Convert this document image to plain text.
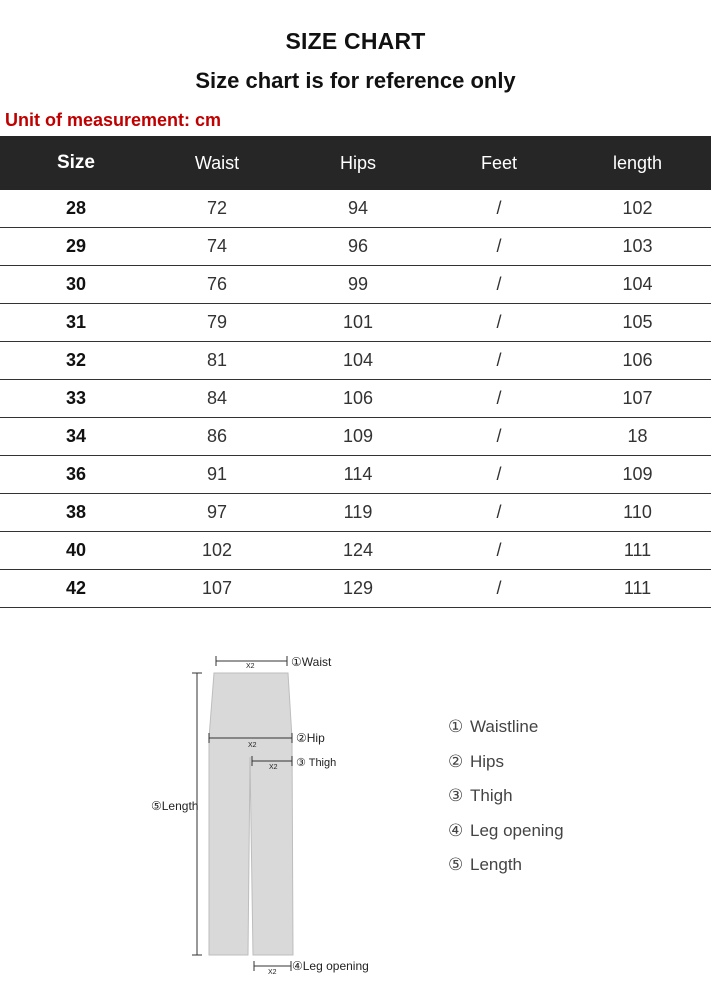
SIZE CHART
Size chart is for reference only
Unit of measurement: cm
Size	Waist	Hips	Feet	length
28	72	94	/	102
29	74	96	/	103
30	76	99	/	104
31	79	101	/	105
32	81	104	/	106
33	84	106	/	107
34	86	109	/	18
36	91	114	/	109
38	97	119	/	110
40	102	124	/	111
42	107	129	/	111
X2	①Waist
X2
②Hip
X2 ③ Thigh
⑤Length
X2 ④Leg opening
① Waistline
② Hips
③ Thigh
④ Leg opening
⑤ Length
